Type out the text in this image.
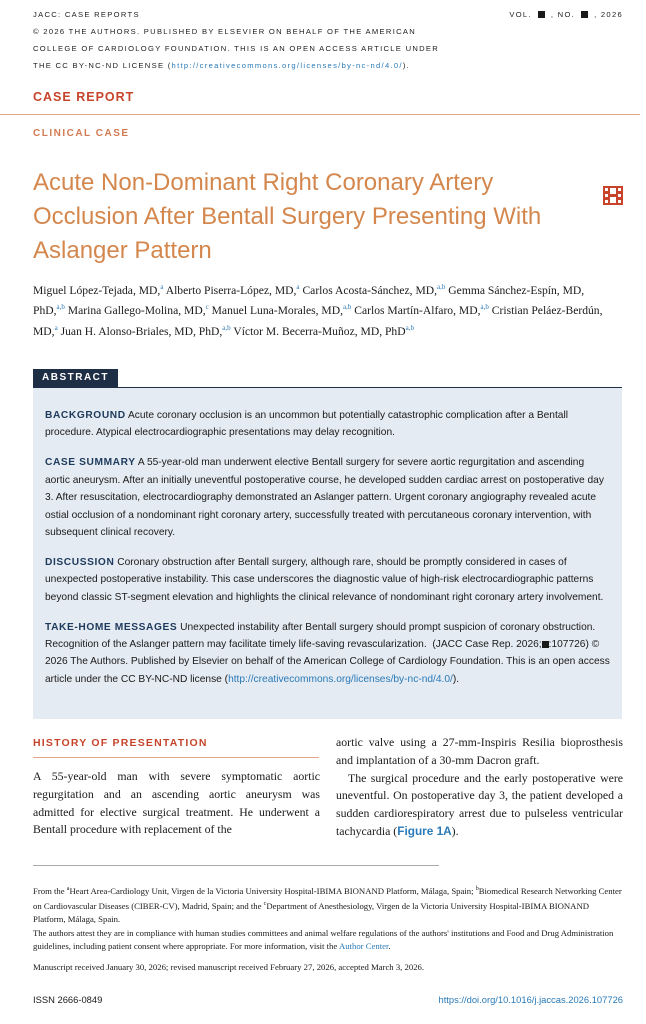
JACC: CASE REPORTS	VOL.	, NO.	, 2026
© 2026 THE AUTHORS. PUBLISHED BY ELSEVIER ON BEHALF OF THE AMERICAN
COLLEGE OF CARDIOLOGY FOUNDATION. THIS IS AN OPEN ACCESS ARTICLE UNDER
THE CC BY-NC-ND LICENSE (http://creativecommons.org/licenses/by-nc-nd/4.0/).
CASE REPORT
CLINICAL CASE
Acute Non-Dominant Right Coronary Artery Occlusion After Bentall Surgery Presenting With Aslanger Pattern
Miguel López-Tejada, MD,$^a$ Alberto Piserra-López, MD,$^a$ Carlos Acosta-Sánchez, MD,$^{a,b}$ Gemma Sánchez-Espín, MD, PhD,$^{a,b}$ Marina Gallego-Molina, MD,$^c$ Manuel Luna-Morales, MD,$^{a,b}$ Carlos Martín-Alfaro, MD,$^{a,b}$ Cristian Peláez-Berdún, MD,$^a$ Juan H. Alonso-Briales, MD, PhD,$^{a,b}$ Víctor M. Becerra-Muñoz, MD, PhD$^{a,b}$
ABSTRACT

BACKGROUND Acute coronary occlusion is an uncommon but potentially catastrophic complication after a Bentall procedure. Atypical electrocardiographic presentations may delay recognition.

CASE SUMMARY A 55-year-old man underwent elective Bentall surgery for severe aortic regurgitation and ascending aortic aneurysm. After an initially uneventful postoperative course, he developed sudden cardiac arrest on postoperative day 3. After resuscitation, electrocardiography demonstrated an Aslanger pattern. Urgent coronary angiography revealed acute ostial occlusion of a nondominant right coronary artery, successfully treated with percutaneous coronary intervention, with subsequent clinical recovery.

DISCUSSION Coronary obstruction after Bentall surgery, although rare, should be promptly considered in cases of unexpected postoperative instability. This case underscores the diagnostic value of high-risk electrocardiographic patterns beyond classic ST-segment elevation and highlights the clinical relevance of nondominant right coronary artery involvement.

TAKE-HOME MESSAGES Unexpected instability after Bentall surgery should prompt suspicion of coronary obstruction. Recognition of the Aslanger pattern may facilitate timely life-saving revascularization. (JACC Case Rep. 2026; :107726) © 2026 The Authors. Published by Elsevier on behalf of the American College of Cardiology Foundation. This is an open access article under the CC BY-NC-ND license (http://creativecommons.org/licenses/by-nc-nd/4.0/).

HISTORY OF PRESENTATION
A 55-year-old man with severe symptomatic aortic regurgitation and an ascending aortic aneurysm was admitted for elective surgical treatment. He underwent a Bentall procedure with replacement of the

aortic valve using a 27-mm-Inspiris Resilia bioprosthesis and implantation of a 30-mm Dacron graft.

The surgical procedure and the early postoperative were uneventful. On postoperative day 3, the patient developed a sudden cardiorespiratory arrest due to pulseless ventricular tachycardia (Figure 1A).

From the $^a$Heart Area-Cardiology Unit, Virgen de la Victoria University Hospital-IBIMA BIONAND Platform, Málaga, Spain; $^b$Biomedical Research Networking Center on Cardiovascular Diseases (CIBER-CV), Madrid, Spain; and the $^c$Department of Anesthesiology, Virgen de la Victoria University Hospital-IBIMA BIONAND Platform, Málaga, Spain.
The authors attest they are in compliance with human studies committees and animal welfare regulations of the authors' institutions and Food and Drug Administration guidelines, including patient consent where appropriate. For more information, visit the Author Center.
Manuscript received January 30, 2026; revised manuscript received February 27, 2026, accepted March 3, 2026.
ISSN 2666-0849	https://doi.org/10.1016/j.jaccas.2026.107726
